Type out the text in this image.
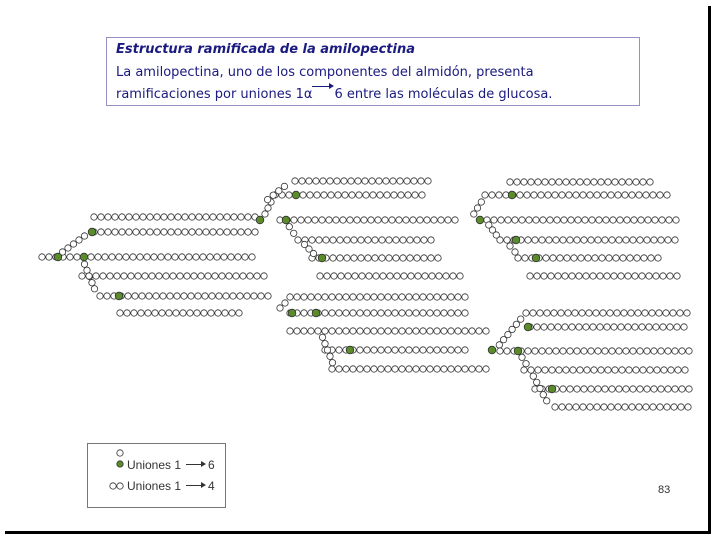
Estructura ramificada de la amilopectina
La amilopectina, uno de los componentes del almidón, presenta
ramificaciones por uniones 1α 6 entre las moléculas de glucosa.
Uniones 1 6
Uniones 1 4	83
